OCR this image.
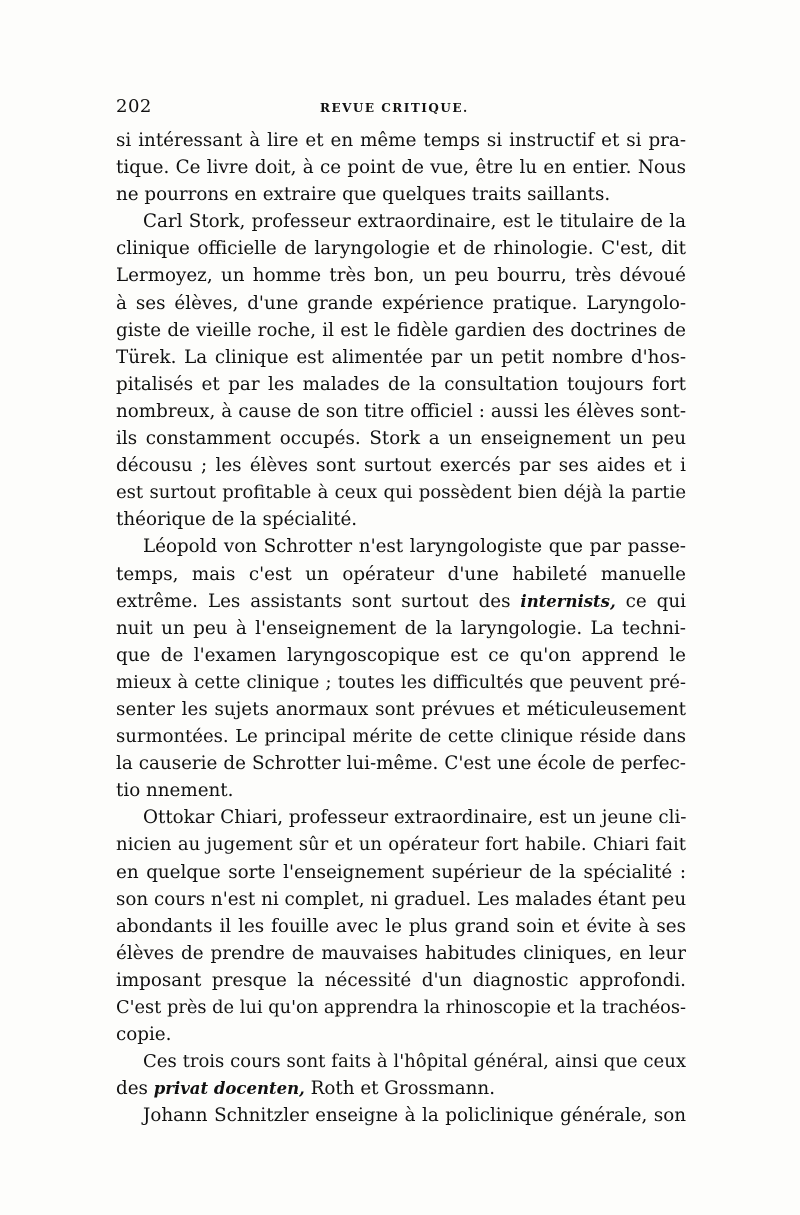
202	REVUE CRITIQUE.
si intéressant à lire et en même temps si instructif et si pra-
tique. Ce livre doit, à ce point de vue, être lu en entier. Nous
ne pourrons en extraire que quelques traits saillants.
Carl Stork, professeur extraordinaire, est le titulaire de la
clinique officielle de laryngologie et de rhinologie. C'est, dit
Lermoyez, un homme très bon, un peu bourru, très dévoué
à ses élèves, d'une grande expérience pratique. Laryngolo-
giste de vieille roche, il est le fidèle gardien des doctrines de
Türek. La clinique est alimentée par un petit nombre d'hos-
pitalisés et par les malades de la consultation toujours fort
nombreux, à cause de son titre officiel : aussi les élèves sont-
ils constamment occupés. Stork a un enseignement un peu
décousu ; les élèves sont surtout exercés par ses aides et i
est surtout profitable à ceux qui possèdent bien déjà la partie
théorique de la spécialité.
Léopold von Schrotter n'est laryngologiste que par passe-
temps, mais c'est un opérateur d'une habileté manuelle
extrême. Les assistants sont surtout des internists, ce qui
nuit un peu à l'enseignement de la laryngologie. La techni-
que de l'examen laryngoscopique est ce qu'on apprend le
mieux à cette clinique ; toutes les difficultés que peuvent pré-
senter les sujets anormaux sont prévues et méticuleusement
surmontées. Le principal mérite de cette clinique réside dans
la causerie de Schrotter lui-même. C'est une école de perfec-
tio nnement.
Ottokar Chiari, professeur extraordinaire, est un jeune cli-
nicien au jugement sûr et un opérateur fort habile. Chiari fait
en quelque sorte l'enseignement supérieur de la spécialité :
son cours n'est ni complet, ni graduel. Les malades étant peu
abondants il les fouille avec le plus grand soin et évite à ses
élèves de prendre de mauvaises habitudes cliniques, en leur
imposant presque la nécessité d'un diagnostic approfondi.
C'est près de lui qu'on apprendra la rhinoscopie et la trachéos-
copie.
Ces trois cours sont faits à l'hôpital général, ainsi que ceux
des privat docenten, Roth et Grossmann.
Johann Schnitzler enseigne à la policlinique générale, son
